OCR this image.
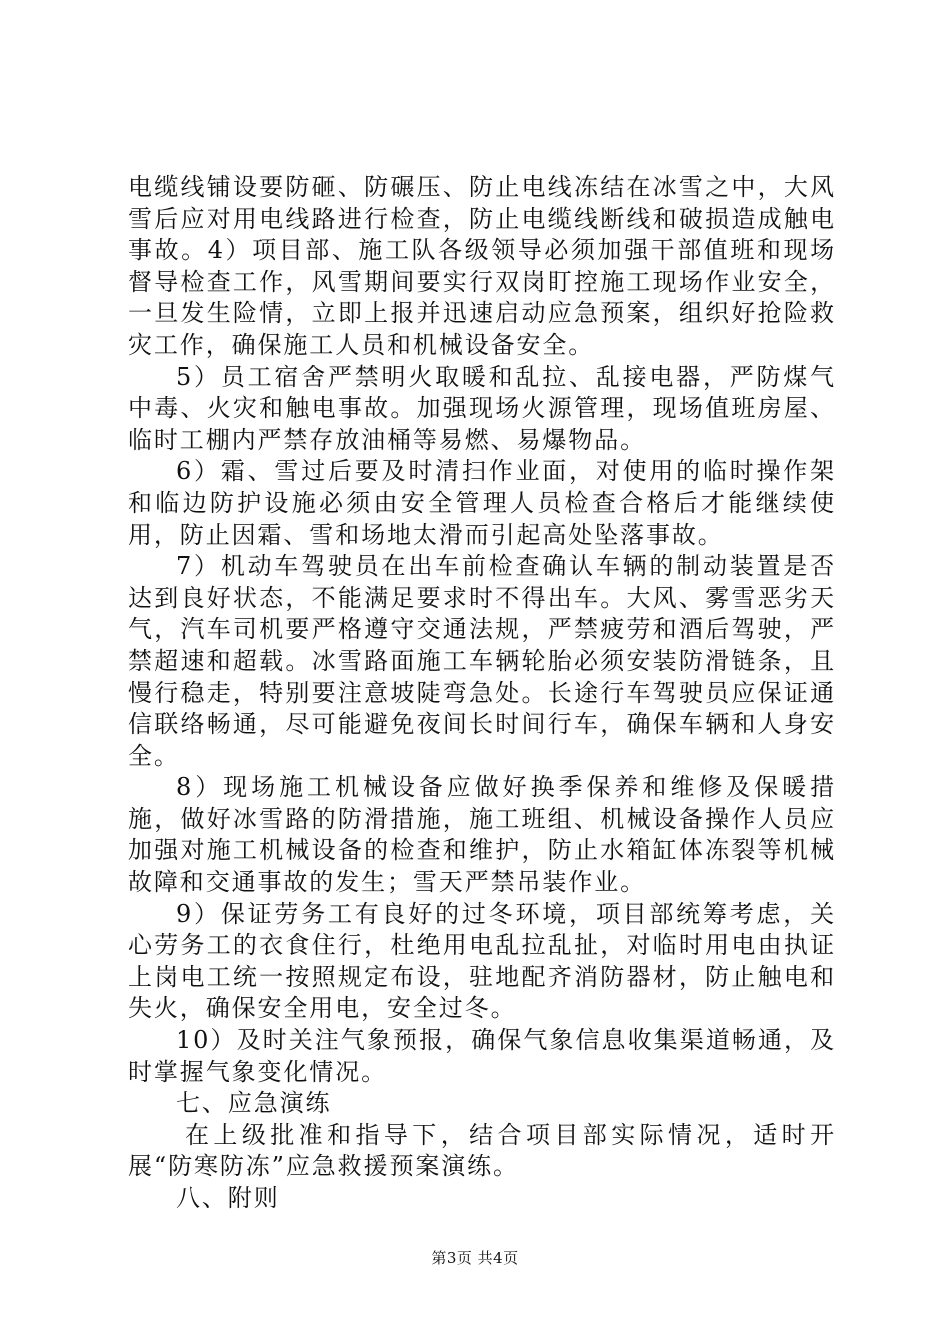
电缆线铺设要防砸、防碾压、防止电线冻结在冰雪之中，大风雪后应对用电线路进行检查，防止电缆线断线和破损造成触电事故。4）项目部、施工队各级领导必须加强干部值班和现场督导检查工作，风雪期间要实行双岗盯控施工现场作业安全，一旦发生险情，立即上报并迅速启动应急预案，组织好抢险救灾工作，确保施工人员和机械设备安全。

5）员工宿舍严禁明火取暖和乱拉、乱接电器，严防煤气中毒、火灾和触电事故。加强现场火源管理，现场值班房屋、临时工棚内严禁存放油桶等易燃、易爆物品。

6）霜、雪过后要及时清扫作业面，对使用的临时操作架和临边防护设施必须由安全管理人员检查合格后才能继续使用，防止因霜、雪和场地太滑而引起高处坠落事故。

7）机动车驾驶员在出车前检查确认车辆的制动装置是否达到良好状态，不能满足要求时不得出车。大风、雾雪恶劣天气，汽车司机要严格遵守交通法规，严禁疲劳和酒后驾驶，严禁超速和超载。冰雪路面施工车辆轮胎必须安装防滑链条，且慢行稳走，特别要注意坡陡弯急处。长途行车驾驶员应保证通信联络畅通，尽可能避免夜间长时间行车，确保车辆和人身安全。

8）现场施工机械设备应做好换季保养和维修及保暖措施，做好冰雪路的防滑措施，施工班组、机械设备操作人员应加强对施工机械设备的检查和维护，防止水箱缸体冻裂等机械故障和交通事故的发生；雪天严禁吊装作业。

9）保证劳务工有良好的过冬环境，项目部统筹考虑，关心劳务工的衣食住行，杜绝用电乱拉乱扯，对临时用电由执证上岗电工统一按照规定布设，驻地配齐消防器材，防止触电和失火，确保安全用电，安全过冬。

10）及时关注气象预报，确保气象信息收集渠道畅通，及时掌握气象变化情况。

七、应急演练

在上级批准和指导下，结合项目部实际情况，适时开展“防寒防冻”应急救援预案演练。

八、附则

第3页 共4页
